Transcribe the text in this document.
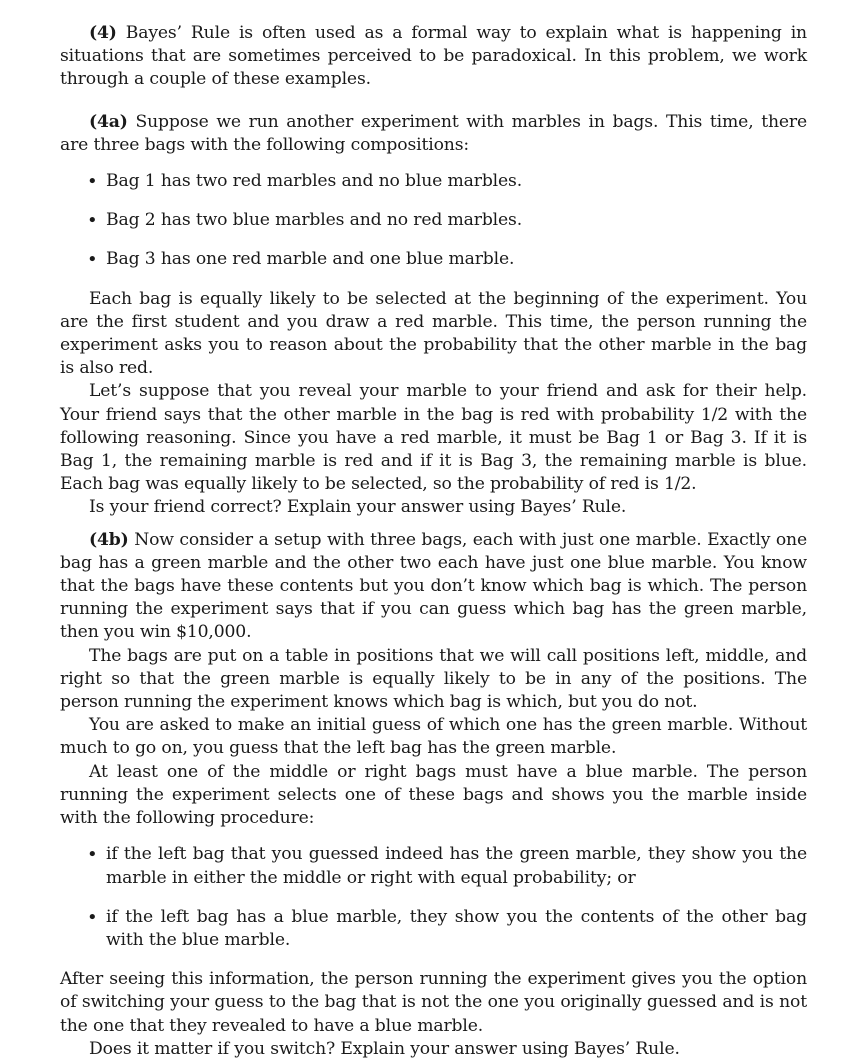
(4) Bayes’ Rule is often used as a formal way to explain what is happening in situations that are sometimes perceived to be paradoxical. In this problem, we work through a couple of these examples.

(4a) Suppose we run another experiment with marbles in bags. This time, there are three bags with the following compositions:

• Bag 1 has two red marbles and no blue marbles.
• Bag 2 has two blue marbles and no red marbles.
• Bag 3 has one red marble and one blue marble.

Each bag is equally likely to be selected at the beginning of the experiment. You are the first student and you draw a red marble. This time, the person running the experiment asks you to reason about the probability that the other marble in the bag is also red.

Let’s suppose that you reveal your marble to your friend and ask for their help. Your friend says that the other marble in the bag is red with probability 1/2 with the following reasoning. Since you have a red marble, it must be Bag 1 or Bag 3. If it is Bag 1, the remaining marble is red and if it is Bag 3, the remaining marble is blue. Each bag was equally likely to be selected, so the probability of red is 1/2.

Is your friend correct? Explain your answer using Bayes’ Rule.

(4b) Now consider a setup with three bags, each with just one marble. Exactly one bag has a green marble and the other two each have just one blue marble. You know that the bags have these contents but you don’t know which bag is which. The person running the experiment says that if you can guess which bag has the green marble, then you win $10,000.

The bags are put on a table in positions that we will call positions left, middle, and right so that the green marble is equally likely to be in any of the positions. The person running the experiment knows which bag is which, but you do not.

You are asked to make an initial guess of which one has the green marble. Without much to go on, you guess that the left bag has the green marble.

At least one of the middle or right bags must have a blue marble. The person running the experiment selects one of these bags and shows you the marble inside with the following procedure:

• if the left bag that you guessed indeed has the green marble, they show you the marble in either the middle or right with equal probability; or
• if the left bag has a blue marble, they show you the contents of the other bag with the blue marble.

After seeing this information, the person running the experiment gives you the option of switching your guess to the bag that is not the one you originally guessed and is not the one that they revealed to have a blue marble.

Does it matter if you switch? Explain your answer using Bayes’ Rule.
